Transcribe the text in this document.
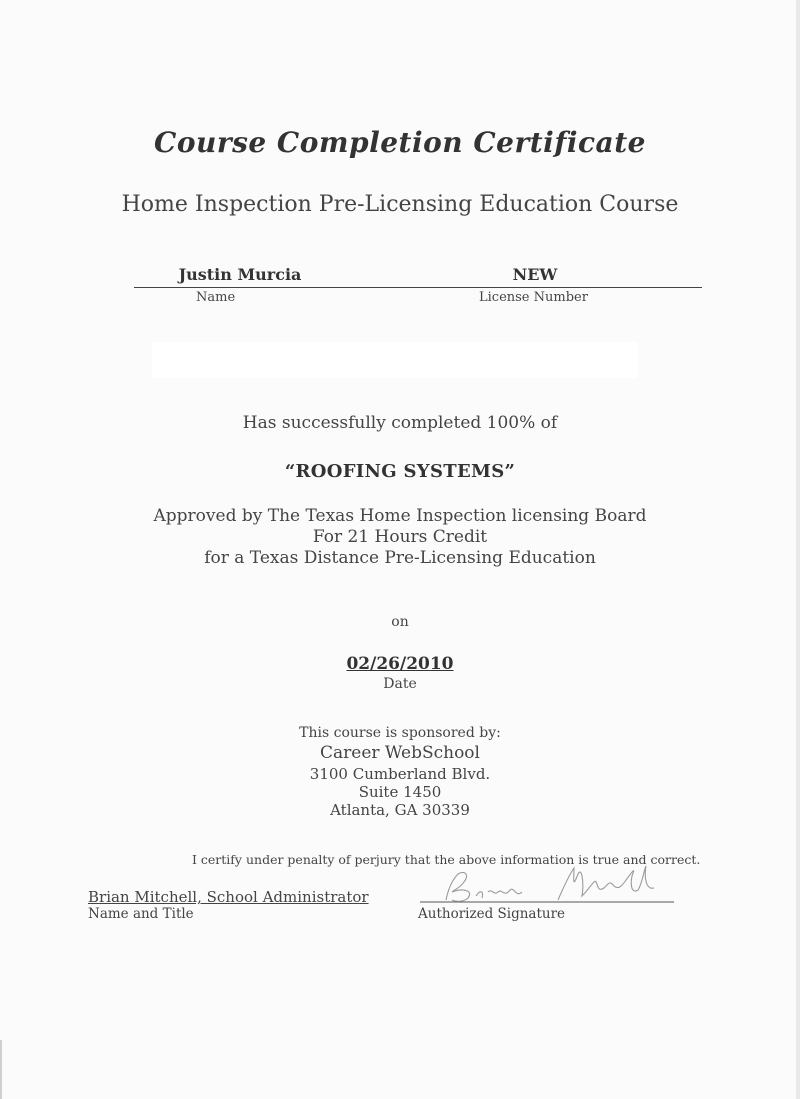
Course Completion Certificate
Home Inspection Pre-Licensing Education Course
Justin Murcia	NEW
Name	License Number
Has successfully completed 100% of
“ROOFING SYSTEMS”
Approved by The Texas Home Inspection licensing Board
For 21 Hours Credit
for a Texas Distance Pre-Licensing Education
on
02/26/2010
Date
This course is sponsored by:
Career WebSchool
3100 Cumberland Blvd.
Suite 1450
Atlanta, GA 30339
I certify under penalty of perjury that the above information is true and correct.
Brian Mitchell, School Administrator
Name and Title	Authorized Signature
